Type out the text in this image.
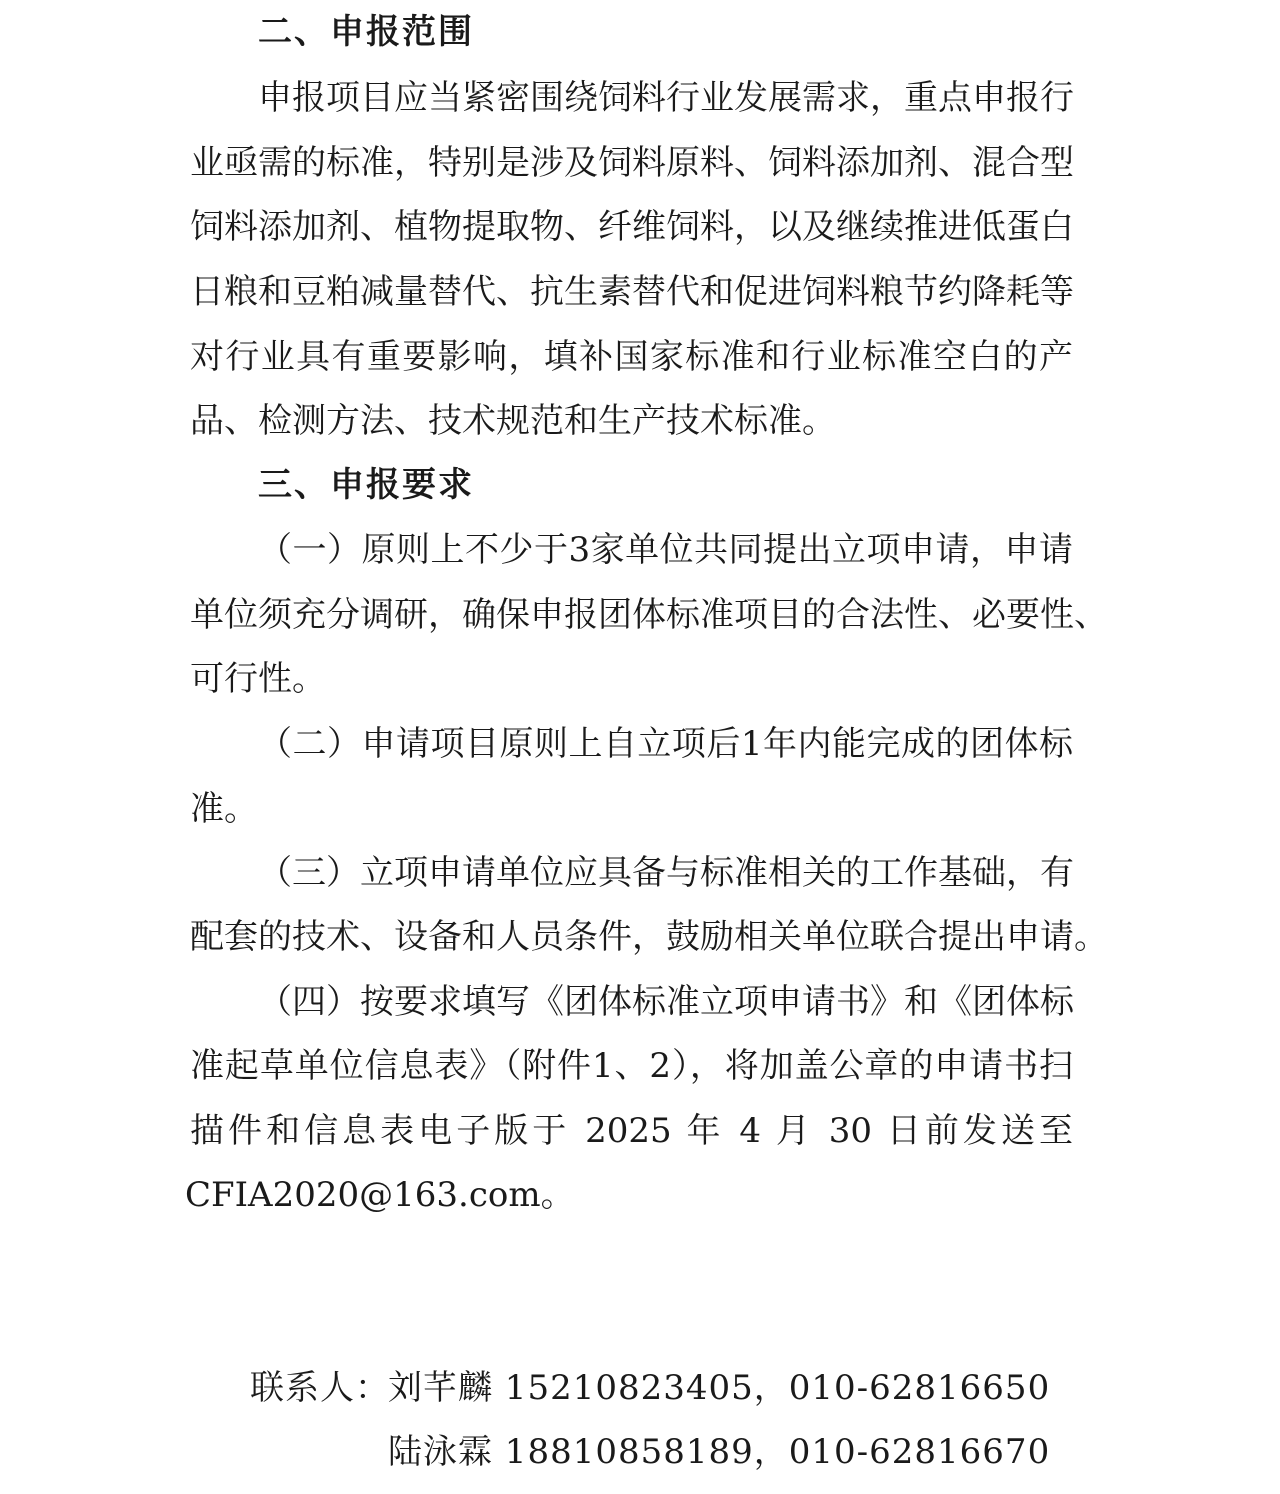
二、申报范围
申报项目应当紧密围绕饲料行业发展需求，重点申报行
业亟需的标准，特别是涉及饲料原料、饲料添加剂、混合型
饲料添加剂、植物提取物、纤维饲料，以及继续推进低蛋白
日粮和豆粕减量替代、抗生素替代和促进饲料粮节约降耗等
对行业具有重要影响，填补国家标准和行业标准空白的产
品、检测方法、技术规范和生产技术标准。
三、申报要求
（一）原则上不少于3家单位共同提出立项申请，申请
单位须充分调研，确保申报团体标准项目的合法性、必要性、
可行性。
（二）申请项目原则上自立项后1年内能完成的团体标
准。
（三）立项申请单位应具备与标准相关的工作基础，有
配套的技术、设备和人员条件，鼓励相关单位联合提出申请。
（四）按要求填写《团体标准立项申请书》和《团体标
准起草单位信息表》（附件1、2），将加盖公章的申请书扫
描件和信息表电子版于 2025 年 4 月 30 日前发送至
CFIA2020@163.com。
联系人：
刘芊麟 15210823405，010-62816650
陆泳霖 18810858189，010-62816670
